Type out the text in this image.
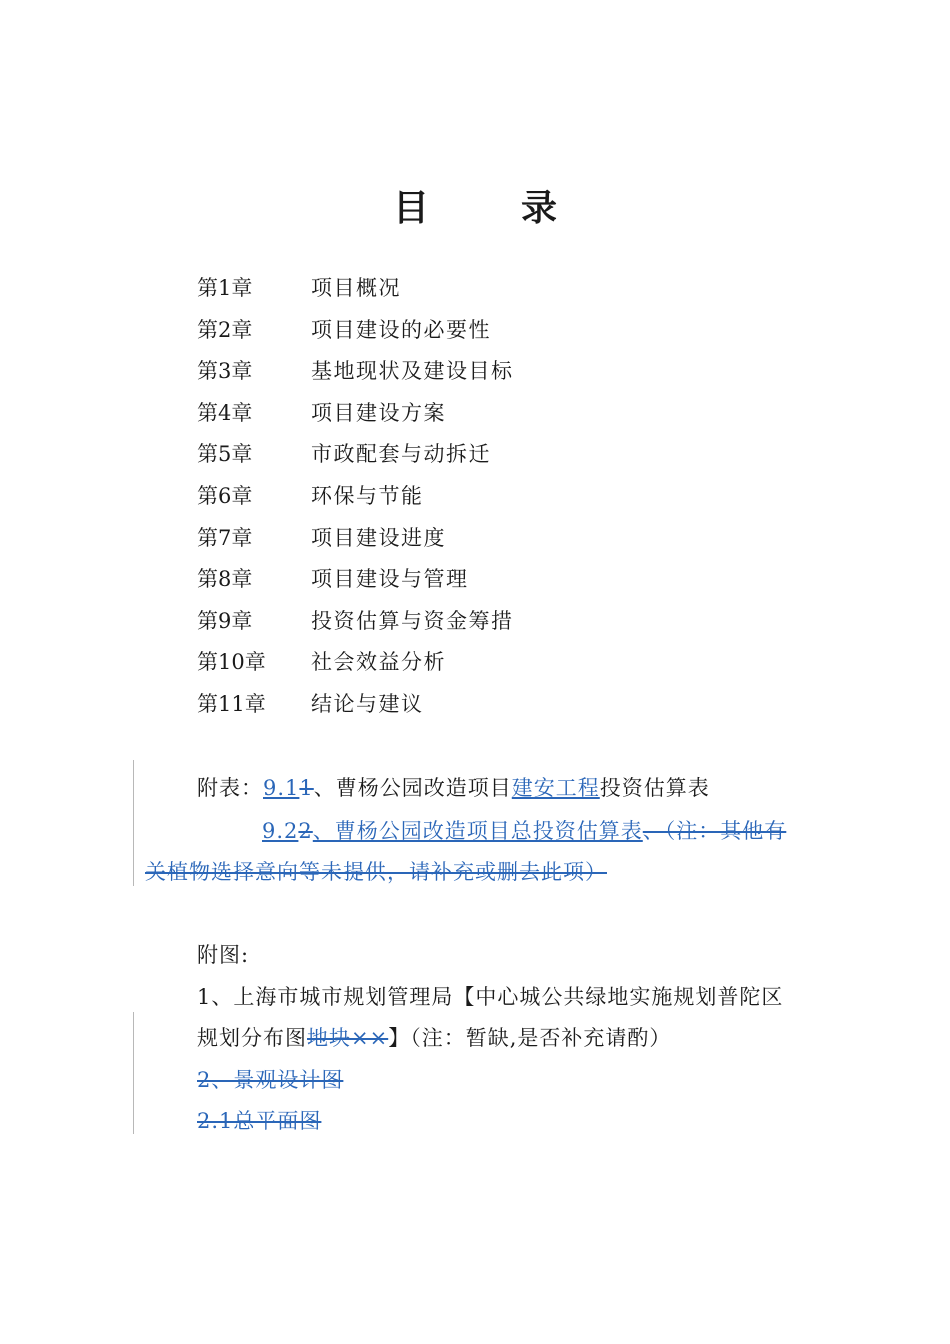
目　录
第1章	项目概况
第2章	项目建设的必要性
第3章	基地现状及建设目标
第4章	项目建设方案
第5章	市政配套与动拆迁
第6章	环保与节能
第7章	项目建设进度
第8章	项目建设与管理
第9章	投资估算与资金筹措
第10章 社会效益分析
第11章 结论与建议
附表：9.11、曹杨公园改造项目建安工程投资估算表
9.22、曹杨公园改造项目总投资估算表、（注：其他有
关植物选择意向等未提供，请补充或删去此项）
附图:
1、上海市城市规划管理局【中心城公共绿地实施规划普陀区
规划分布图地块××】（注：暂缺,是否补充请酌）
2、景观设计图
2.1总平面图
